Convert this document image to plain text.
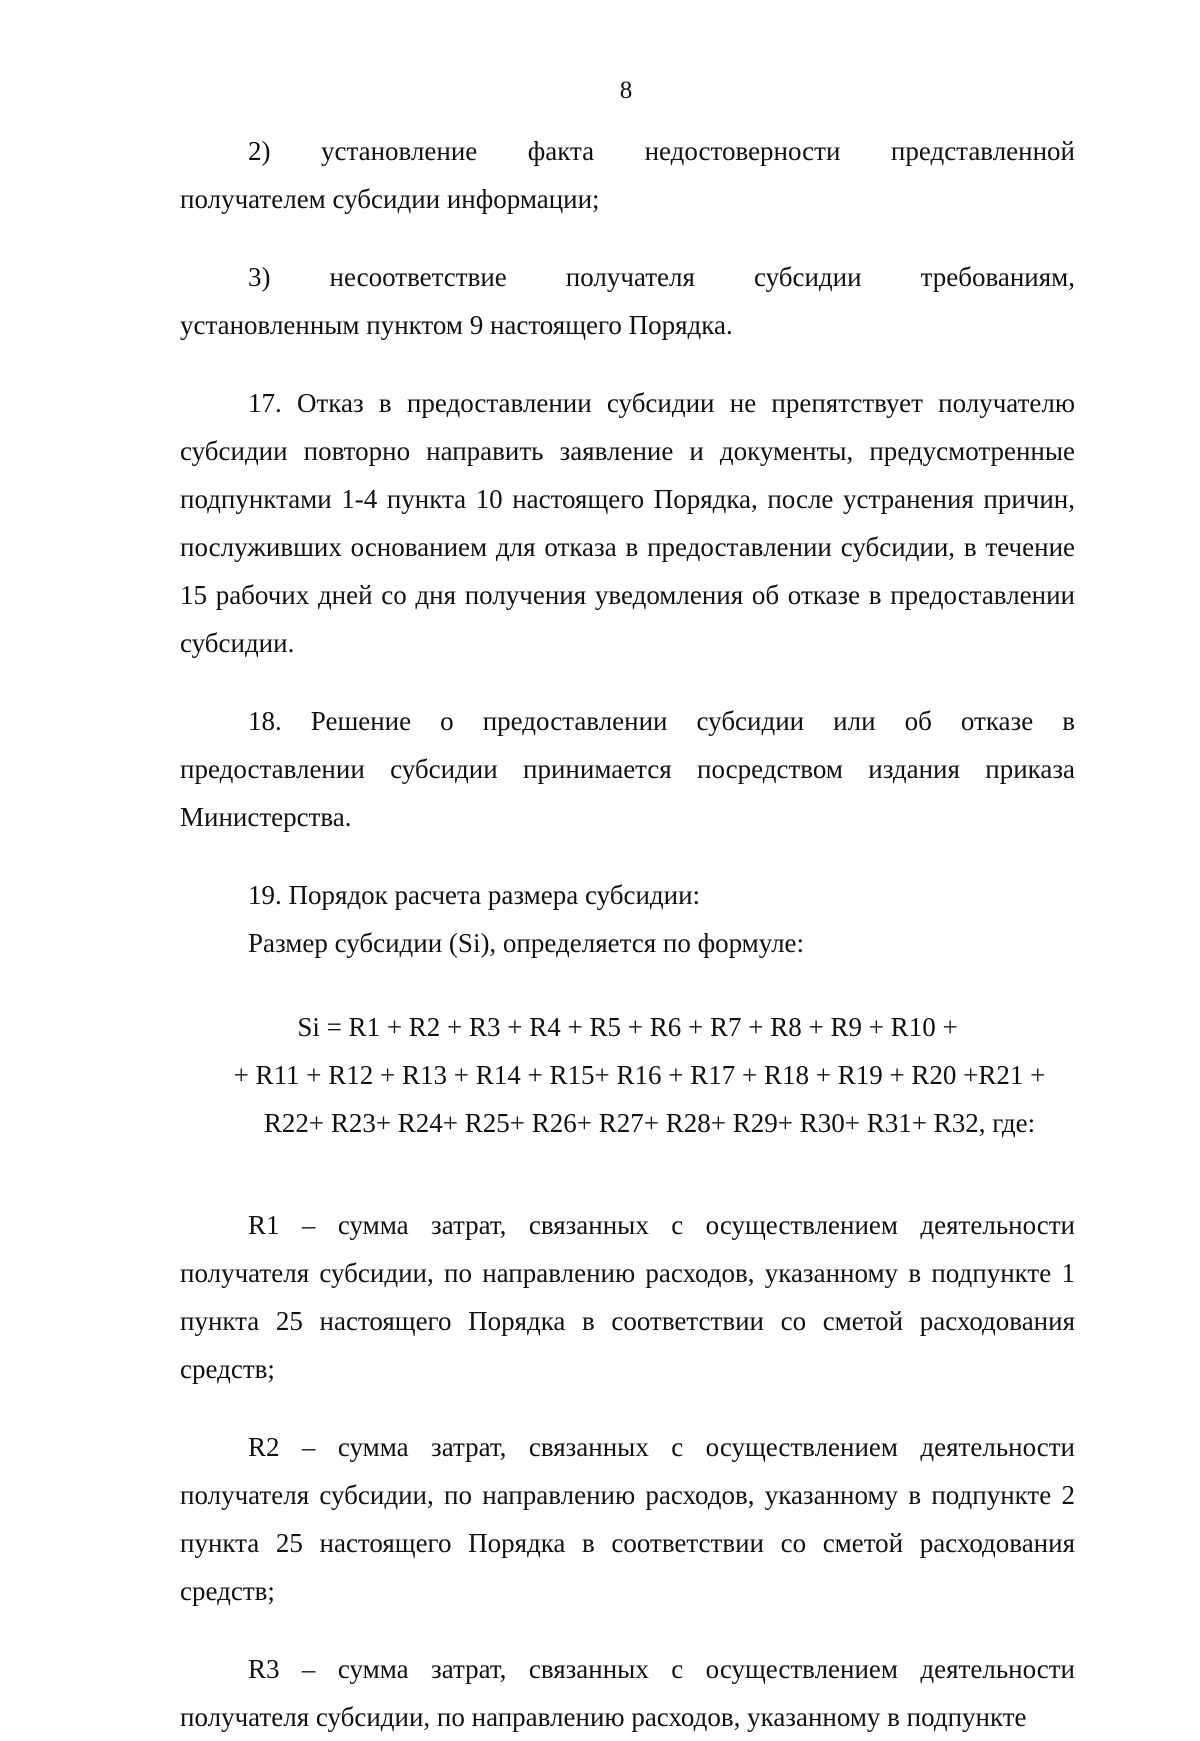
8

2) установление факта недостоверности представленной

получателем субсидии информации;

3) несоответствие получателя субсидии требованиям,

установленным пунктом 9 настоящего Порядка.

17. Отказ в предоставлении субсидии не препятствует получателю субсидии повторно направить заявление и документы, предусмотренные подпунктами 1-4 пункта 10 настоящего Порядка, после устранения причин, послуживших основанием для отказа в предоставлении субсидии, в течение 15 рабочих дней со дня получения уведомления об отказе в предоставлении субсидии.

18. Решение о предоставлении субсидии или об отказе в предоставлении субсидии принимается посредством издания приказа Министерства.

19. Порядок расчета размера субсидии:

Размер субсидии (Si), определяется по формуле:

Si = R1 + R2 + R3 + R4 + R5 + R6 + R7 + R8 + R9 + R10 +
+ R11 + R12 + R13 + R14 + R15+ R16 + R17 + R18 + R19 + R20 +R21 +
R22+ R23+ R24+ R25+ R26+ R27+ R28+ R29+ R30+ R31+ R32, где:

R1 – сумма затрат, связанных с осуществлением деятельности получателя субсидии, по направлению расходов, указанному в подпункте 1 пункта 25 настоящего Порядка в соответствии со сметой расходования средств;

R2 – сумма затрат, связанных с осуществлением деятельности получателя субсидии, по направлению расходов, указанному в подпункте 2 пункта 25 настоящего Порядка в соответствии со сметой расходования средств;

R3 – сумма затрат, связанных с осуществлением деятельности получателя субсидии, по направлению расходов, указанному в подпункте
